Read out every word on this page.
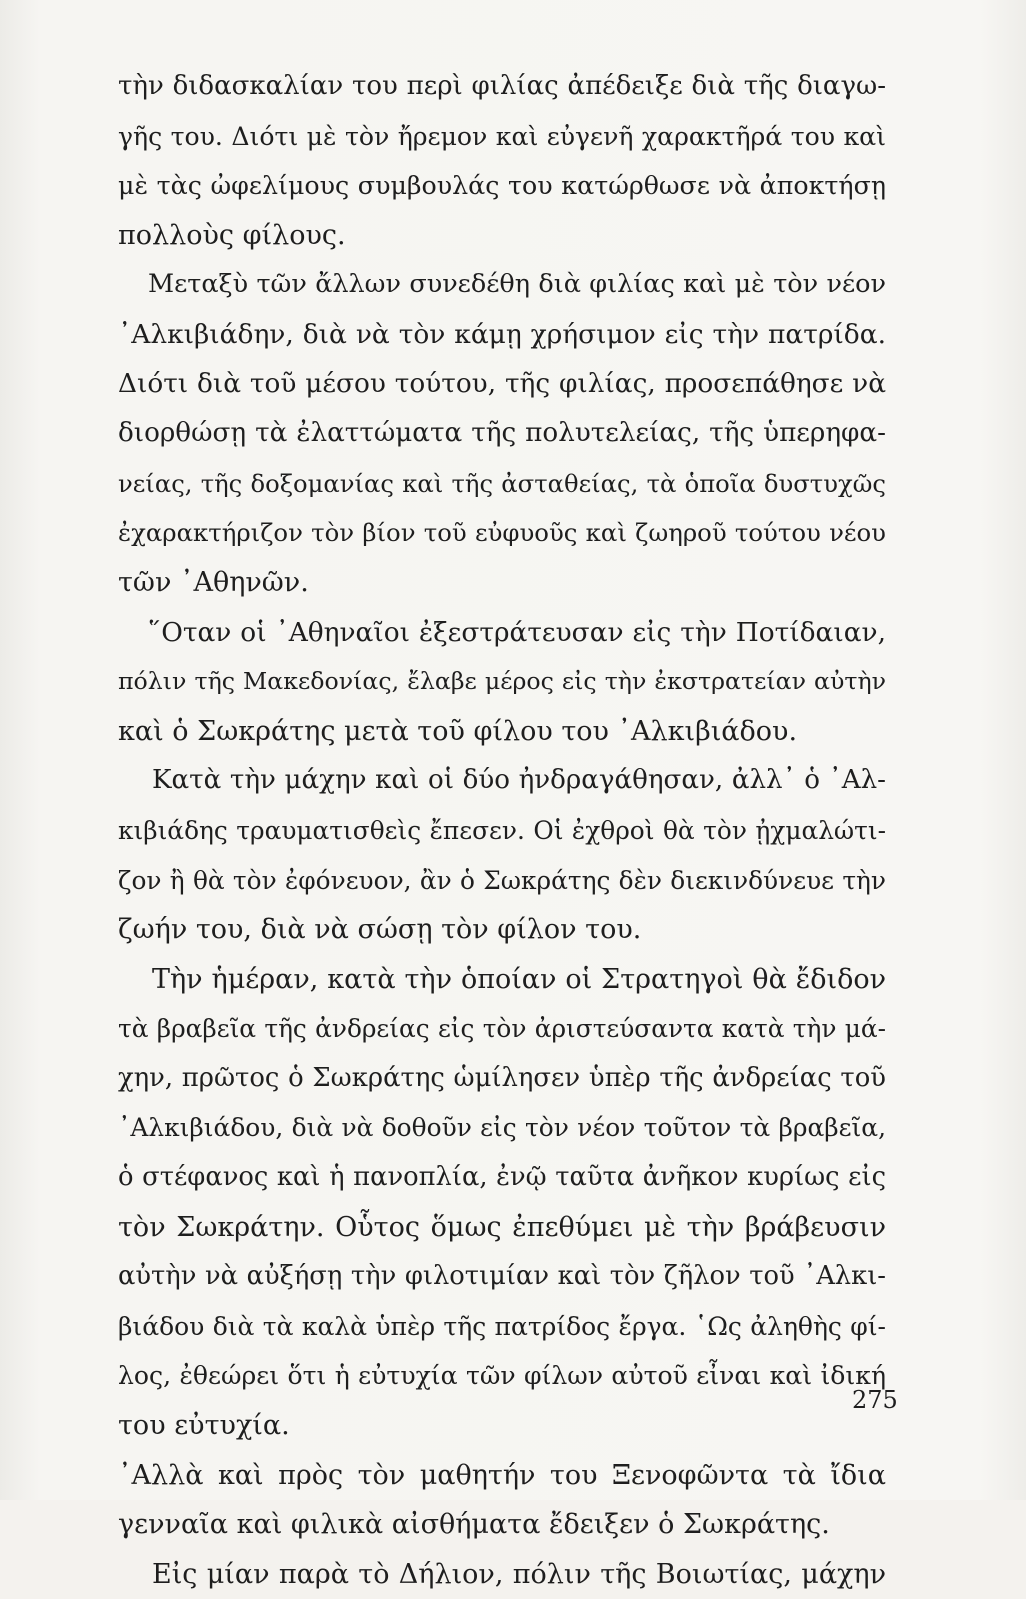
τὴν διδασκαλίαν του περὶ φιλίας ἀπέδειξε διὰ τῆς διαγω-
γῆς του. Διότι μὲ τὸν ἤρεμον καὶ εὐγενῆ χαρακτῆρά του καὶ
μὲ τὰς ὠφελίμους συμβουλάς του κατώρθωσε νὰ ἀποκτήσῃ
πολλοὺς φίλους.
Μεταξὺ τῶν ἄλλων συνεδέθη διὰ φιλίας καὶ μὲ τὸν νέον
᾿Αλκιβιάδην, διὰ νὰ τὸν κάμῃ χρήσιμον εἰς τὴν πατρίδα.
Διότι διὰ τοῦ μέσου τούτου, τῆς φιλίας, προσεπάθησε νὰ
διορθώσῃ τὰ ἐλαττώματα τῆς πολυτελείας, τῆς ὑπερηφα-
νείας, τῆς δοξομανίας καὶ τῆς ἀσταθείας, τὰ ὁποῖα δυστυχῶς
ἐχαρακτήριζον τὸν βίον τοῦ εὐφυοῦς καὶ ζωηροῦ τούτου νέου
τῶν ᾿Αθηνῶν.
῞Οταν οἱ ᾿Αθηναῖοι ἐξεστράτευσαν εἰς τὴν Ποτίδαιαν,
πόλιν τῆς Μακεδονίας, ἔλαβε μέρος εἰς τὴν ἐκστρατείαν αὐτὴν
καὶ ὁ Σωκράτης μετὰ τοῦ φίλου του ᾿Αλκιβιάδου.
Κατὰ τὴν μάχην καὶ οἱ δύο ἠνδραγάθησαν, ἀλλ᾿ ὁ ᾿Αλ-
κιβιάδης τραυματισθεὶς ἔπεσεν. Οἱ ἐχθροὶ θὰ τὸν ᾐχμαλώτι-
ζον ἢ θὰ τὸν ἐφόνευον, ἂν ὁ Σωκράτης δὲν διεκινδύνευε τὴν
ζωήν του, διὰ νὰ σώσῃ τὸν φίλον του.
Τὴν ἡμέραν, κατὰ τὴν ὁποίαν οἱ Στρατηγοὶ θὰ ἔδιδον
τὰ βραβεῖα τῆς ἀνδρείας εἰς τὸν ἀριστεύσαντα κατὰ τὴν μά-
χην, πρῶτος ὁ Σωκράτης ὡμίλησεν ὑπὲρ τῆς ἀνδρείας τοῦ
᾿Αλκιβιάδου, διὰ νὰ δοθοῦν εἰς τὸν νέον τοῦτον τὰ βραβεῖα,
ὁ στέφανος καὶ ἡ πανοπλία, ἐνῷ ταῦτα ἀνῆκον κυρίως εἰς
τὸν Σωκράτην. Οὗτος ὅμως ἐπεθύμει μὲ τὴν βράβευσιν
αὐτὴν νὰ αὐξήσῃ τὴν φιλοτιμίαν καὶ τὸν ζῆλον τοῦ ᾿Αλκι-
βιάδου διὰ τὰ καλὰ ὑπὲρ τῆς πατρίδος ἔργα. ῾Ως ἀληθὴς φί-
λος, ἐθεώρει ὅτι ἡ εὐτυχία τῶν φίλων αὐτοῦ εἶναι καὶ ἰδική
του εὐτυχία.
᾿Αλλὰ καὶ πρὸς τὸν μαθητήν του Ξενοφῶντα τὰ ἴδια
γενναῖα καὶ φιλικὰ αἰσθήματα ἔδειξεν ὁ Σωκράτης.
Εἰς μίαν παρὰ τὸ Δήλιον, πόλιν τῆς Βοιωτίας, μάχην
275
